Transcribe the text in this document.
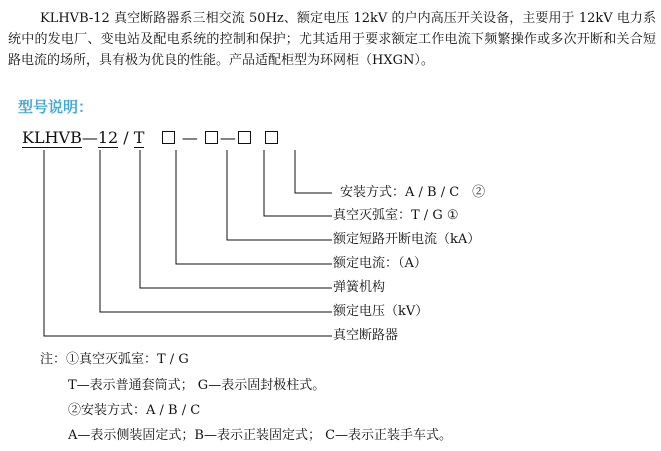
KLHVB-12 真空断路器系三相交流 50Hz、额定电压 12kV 的户内高压开关设备，主要用于 12kV 电力系统中的发电厂、变电站及配电系统的控制和保护；尤其适用于要求额定工作电流下频繁操作或多次开断和关合短路电流的场所，具有极为优良的性能。产品适配柜型为环网柜（HXGN）。

型号说明：
KLHVB—12 / T — —
安装方式：A / B / C　②
真空灭弧室：T / G ①
额定短路开断电流（kA）
额定电流：（A）
弹簧机构
额定电压（kV）
真空断路器
注：①真空灭弧室：T / G
T—表示普通套筒式； G—表示固封极柱式。
②安装方式：A / B / C
A—表示侧装固定式；B—表示正装固定式； C—表示正装手车式。
